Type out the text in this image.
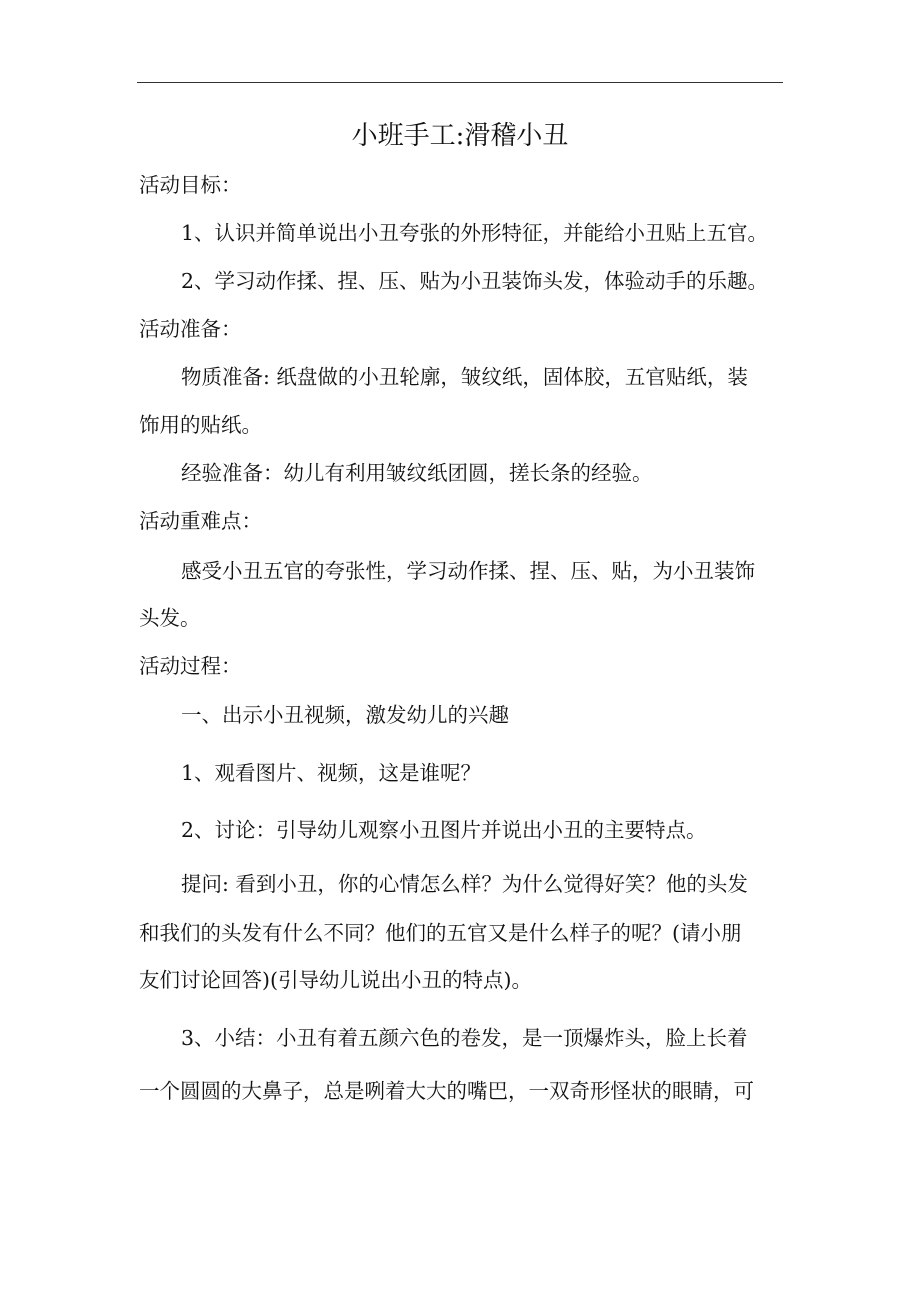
小班手工:滑稽小丑
活动目标：
1、认识并简单说出小丑夸张的外形特征，并能给小丑贴上五官。
2、学习动作揉、捏、压、贴为小丑装饰头发，体验动手的乐趣。
活动准备：
物质准备: 纸盘做的小丑轮廓，皱纹纸，固体胶，五官贴纸，装
饰用的贴纸。
经验准备：幼儿有利用皱纹纸团圆，搓长条的经验。
活动重难点：
感受小丑五官的夸张性，学习动作揉、捏、压、贴，为小丑装饰
头发。
活动过程：
一、出示小丑视频，激发幼儿的兴趣
1、观看图片、视频，这是谁呢？
2、讨论：引导幼儿观察小丑图片并说出小丑的主要特点。
提问: 看到小丑，你的心情怎么样？为什么觉得好笑？他的头发
和我们的头发有什么不同？他们的五官又是什么样子的呢？(请小朋
友们讨论回答)(引导幼儿说出小丑的特点)。
3、小结：小丑有着五颜六色的卷发，是一顶爆炸头，脸上长着
一个圆圆的大鼻子，总是咧着大大的嘴巴，一双奇形怪状的眼睛，可
